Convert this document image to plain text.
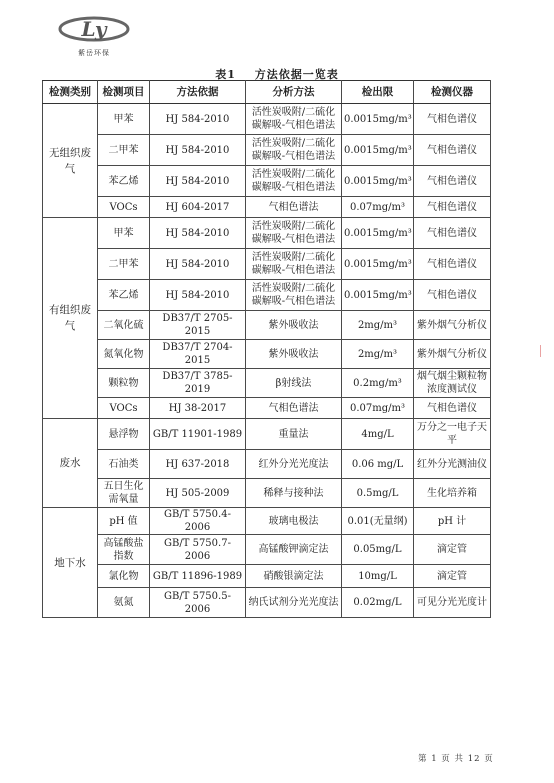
Ly
紫岳环保
表1 方法依据一览表
检测类别	检测项目	方法依据	分析方法	检出限	检测仪器
无组织废气	甲苯	HJ 584-2010	活性炭吸附/二硫化碳解吸-气相色谱法	0.0015mg/m³	气相色谱仪
	二甲苯	HJ 584-2010	活性炭吸附/二硫化碳解吸-气相色谱法	0.0015mg/m³	气相色谱仪
	苯乙烯	HJ 584-2010	活性炭吸附/二硫化碳解吸-气相色谱法	0.0015mg/m³	气相色谱仪
	VOCs	HJ 604-2017	气相色谱法	0.07mg/m³	气相色谱仪
有组织废气	甲苯	HJ 584-2010	活性炭吸附/二硫化碳解吸-气相色谱法	0.0015mg/m³	气相色谱仪
	二甲苯	HJ 584-2010	活性炭吸附/二硫化碳解吸-气相色谱法	0.0015mg/m³	气相色谱仪
	苯乙烯	HJ 584-2010	活性炭吸附/二硫化碳解吸-气相色谱法	0.0015mg/m³	气相色谱仪
	二氧化硫	DB37/T 2705-2015	紫外吸收法	2mg/m³	紫外烟气分析仪
	氮氧化物	DB37/T 2704-2015	紫外吸收法	2mg/m³	紫外烟气分析仪
	颗粒物	DB37/T 3785-2019	β射线法	0.2mg/m³	烟气烟尘颗粒物浓度测试仪
	VOCs	HJ 38-2017	气相色谱法	0.07mg/m³	气相色谱仪
废水	悬浮物	GB/T 11901-1989	重量法	4mg/L	万分之一电子天平
	石油类	HJ 637-2018	红外分光光度法	0.06 mg/L	红外分光测油仪
	五日生化需氧量	HJ 505-2009	稀释与接种法	0.5mg/L	生化培养箱
地下水	pH 值	GB/T 5750.4-2006	玻璃电极法	0.01(无量纲)	pH 计
	高锰酸盐指数	GB/T 5750.7-2006	高锰酸钾滴定法	0.05mg/L	滴定管
	氯化物	GB/T 11896-1989	硝酸银滴定法	10mg/L	滴定管
	氨氮	GB/T 5750.5-2006	纳氏试剂分光光度法	0.02mg/L	可见分光光度计
第 1 页 共 12 页
